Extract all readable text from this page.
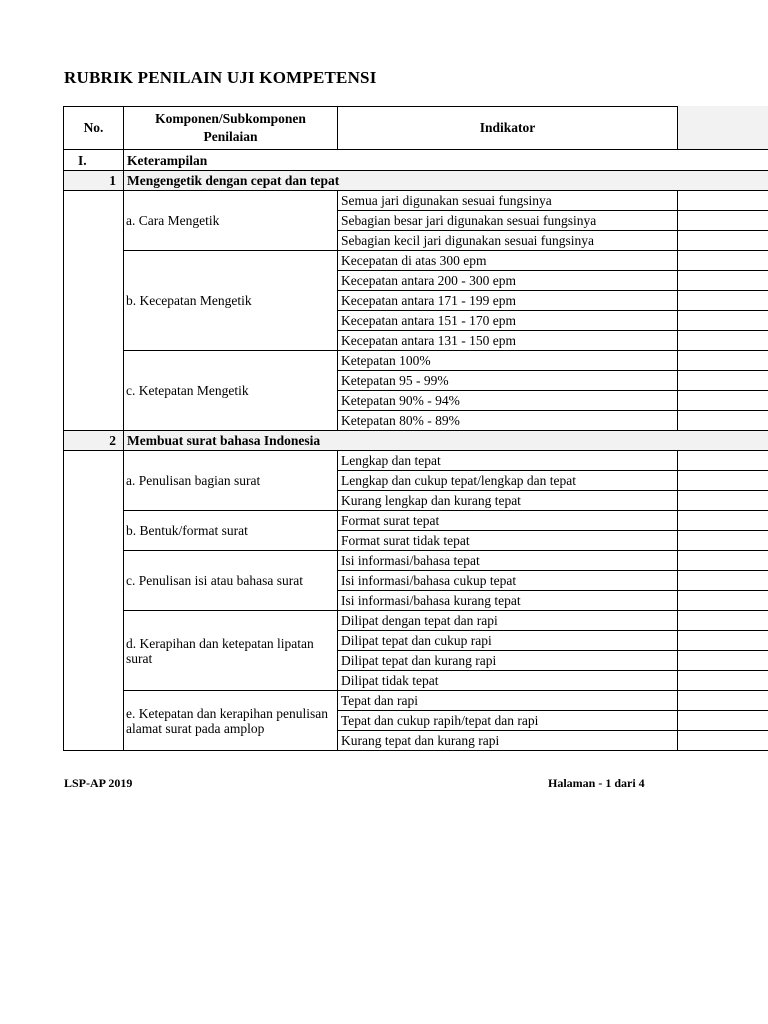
RUBRIK PENILAIN UJI KOMPETENSI
No.	Komponen/Subkomponen Penilaian	Indikator	
I.	Keterampilan		
1	Mengengetik dengan cepat dan tepat		
	a. Cara Mengetik	Semua jari digunakan sesuai fungsinya	
		Sebagian besar jari digunakan sesuai fungsinya	
		Sebagian kecil jari digunakan sesuai fungsinya	
	b. Kecepatan Mengetik	Kecepatan di atas 300 epm	
		Kecepatan antara 200 - 300 epm	
		Kecepatan antara 171 - 199 epm	
		Kecepatan antara 151 - 170 epm	
		Kecepatan antara 131 - 150 epm	
	c. Ketepatan Mengetik	Ketepatan 100%	
		Ketepatan 95 - 99%	
		Ketepatan 90% - 94%	
		Ketepatan 80% - 89%	
2	Membuat surat bahasa Indonesia		
	a. Penulisan bagian surat	Lengkap dan tepat	
		Lengkap dan cukup tepat/lengkap dan tepat	
		Kurang lengkap dan kurang tepat	
	b. Bentuk/format surat	Format surat tepat	
		Format surat tidak tepat	
	c. Penulisan isi atau bahasa surat	Isi informasi/bahasa tepat	
		Isi informasi/bahasa cukup tepat	
		Isi informasi/bahasa kurang tepat	
	d. Kerapihan dan ketepatan lipatan surat	Dilipat dengan tepat dan rapi	
		Dilipat tepat dan cukup rapi	
		Dilipat tepat dan kurang rapi	
		Dilipat tidak tepat	
	e. Ketepatan dan kerapihan penulisan alamat surat pada amplop	Tepat dan rapi	
		Tepat dan cukup rapih/tepat dan rapi	
		Kurang tepat dan kurang rapi	
LSP-AP 2019	Halaman - 1 dari 4
